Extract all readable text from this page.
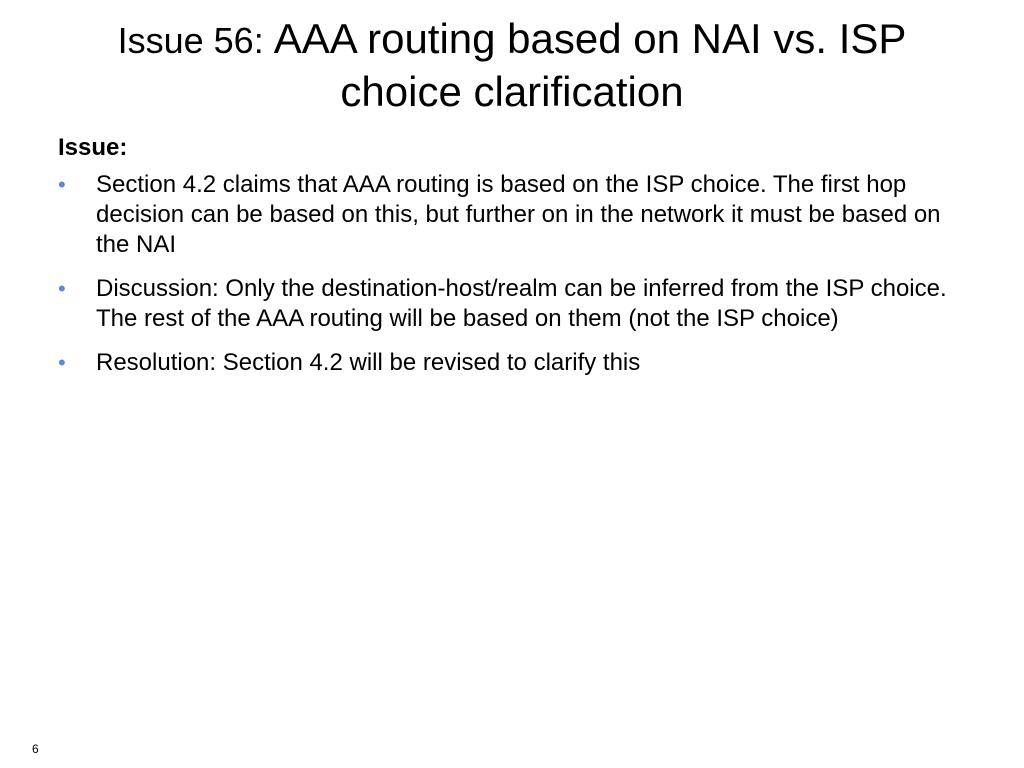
Issue 56: AAA routing based on NAI vs. ISP choice clarification
Issue:
• Section 4.2 claims that AAA routing is based on the ISP choice. The first hop decision can be based on this, but further on in the network it must be based on the NAI
• Discussion: Only the destination-host/realm can be inferred from the ISP choice. The rest of the AAA routing will be based on them (not the ISP choice)
• Resolution: Section 4.2 will be revised to clarify this
6
